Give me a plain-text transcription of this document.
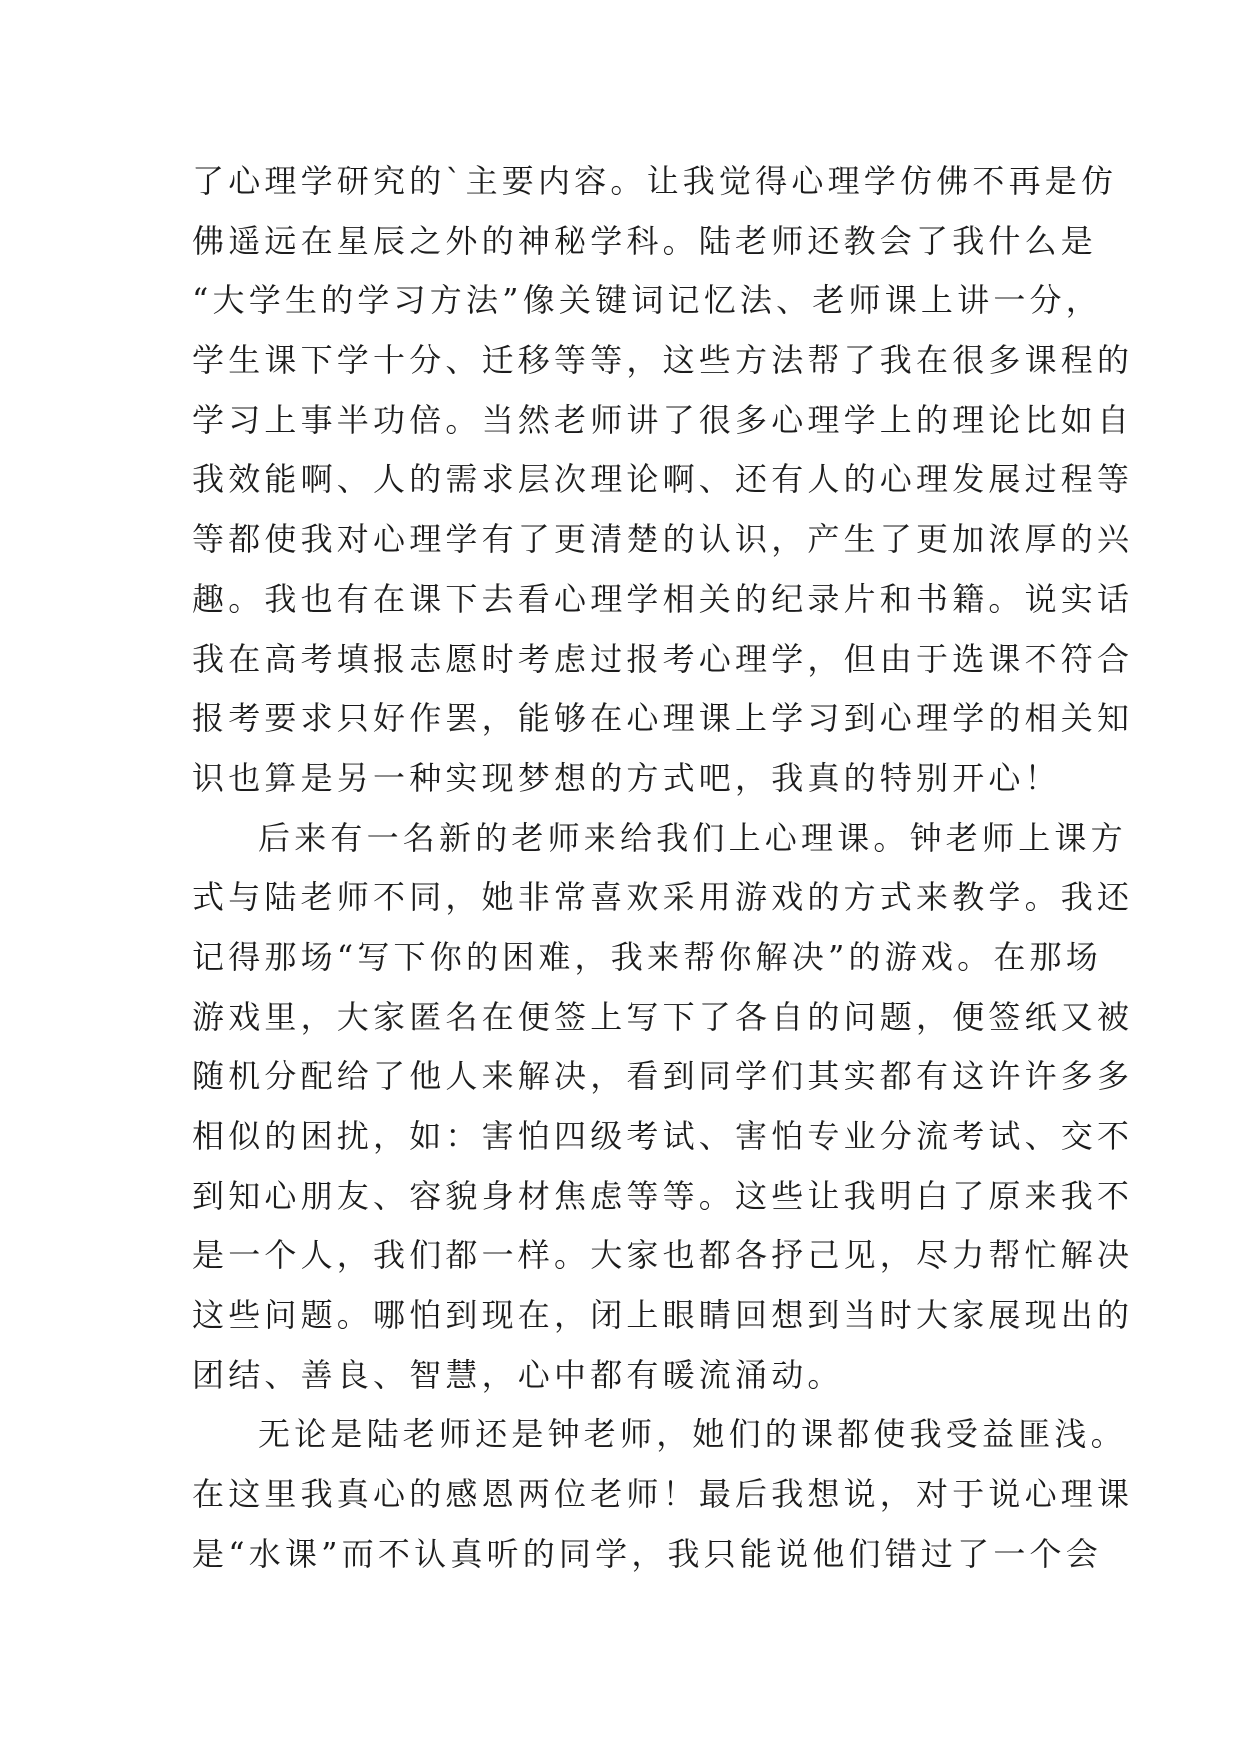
了心理学研究的`主要内容。让我觉得心理学仿佛不再是仿
佛遥远在星辰之外的神秘学科。陆老师还教会了我什么是
“大学生的学习方法”像关键词记忆法、老师课上讲一分，
学生课下学十分、迁移等等，这些方法帮了我在很多课程的
学习上事半功倍。当然老师讲了很多心理学上的理论比如自
我效能啊、人的需求层次理论啊、还有人的心理发展过程等
等都使我对心理学有了更清楚的认识，产生了更加浓厚的兴
趣。我也有在课下去看心理学相关的纪录片和书籍。说实话
我在高考填报志愿时考虑过报考心理学，但由于选课不符合
报考要求只好作罢，能够在心理课上学习到心理学的相关知
识也算是另一种实现梦想的方式吧，我真的特别开心！
后来有一名新的老师来给我们上心理课。钟老师上课方
式与陆老师不同，她非常喜欢采用游戏的方式来教学。我还
记得那场“写下你的困难，我来帮你解决”的游戏。在那场
游戏里，大家匿名在便签上写下了各自的问题，便签纸又被
随机分配给了他人来解决，看到同学们其实都有这许许多多
相似的困扰，如：害怕四级考试、害怕专业分流考试、交不
到知心朋友、容貌身材焦虑等等。这些让我明白了原来我不
是一个人，我们都一样。大家也都各抒己见，尽力帮忙解决
这些问题。哪怕到现在，闭上眼睛回想到当时大家展现出的
团结、善良、智慧，心中都有暖流涌动。
无论是陆老师还是钟老师，她们的课都使我受益匪浅。
在这里我真心的感恩两位老师！最后我想说，对于说心理课
是“水课”而不认真听的同学，我只能说他们错过了一个会
